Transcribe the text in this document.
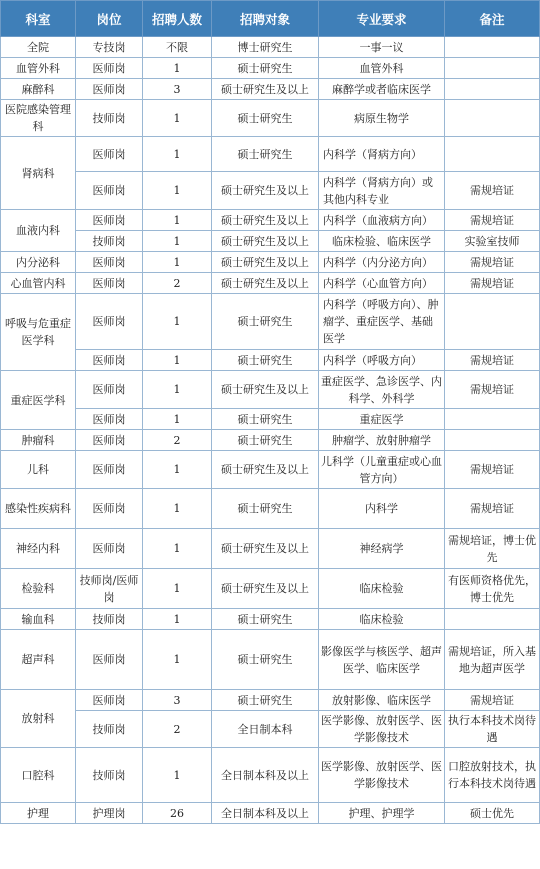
科室	岗位	招聘人数	招聘对象	专业要求	备注
全院	专技岗	不限	博士研究生	一事一议	
血管外科	医师岗	1	硕士研究生	血管外科	
麻醉科	医师岗	3	硕士研究生及以上	麻醉学或者临床医学	
医院感染管理科	技师岗	1	硕士研究生	病原生物学	
肾病科	医师岗	1	硕士研究生	内科学（肾病方向）	
	医师岗	1	硕士研究生及以上	内科学（肾病方向）或其他内科专业	需规培证
血液内科	医师岗	1	硕士研究生及以上	内科学（血液病方向）	需规培证
	技师岗	1	硕士研究生及以上	临床检验、临床医学	实验室技师
内分泌科	医师岗	1	硕士研究生及以上	内科学（内分泌方向）	需规培证
心血管内科	医师岗	2	硕士研究生及以上	内科学（心血管方向）	需规培证
呼吸与危重症医学科	医师岗	1	硕士研究生	内科学（呼吸方向）、肿瘤学、重症医学、基础医学	
	医师岗	1	硕士研究生	内科学（呼吸方向）	需规培证
重症医学科	医师岗	1	硕士研究生及以上	重症医学、急诊医学、内科学、外科学	需规培证
	医师岗	1	硕士研究生	重症医学	
肿瘤科	医师岗	2	硕士研究生	肿瘤学、放射肿瘤学	
儿科	医师岗	1	硕士研究生及以上	儿科学（儿童重症或心血管方向）	需规培证
感染性疾病科	医师岗	1	硕士研究生	内科学	需规培证
神经内科	医师岗	1	硕士研究生及以上	神经病学	需规培证，博士优先
检验科	技师岗/医师岗	1	硕士研究生及以上	临床检验	有医师资格优先，博士优先
输血科	技师岗	1	硕士研究生	临床检验	
超声科	医师岗	1	硕士研究生	影像医学与核医学、超声医学、临床医学	需规培证，所入基地为超声医学
放射科	医师岗	3	硕士研究生	放射影像、临床医学	需规培证
	技师岗	2	全日制本科	医学影像、放射医学、医学影像技术	执行本科技术岗待遇
口腔科	技师岗	1	全日制本科及以上	医学影像、放射医学、医学影像技术	口腔放射技术，执行本科技术岗待遇
护理	护理岗	26	全日制本科及以上	护理、护理学	硕士优先
